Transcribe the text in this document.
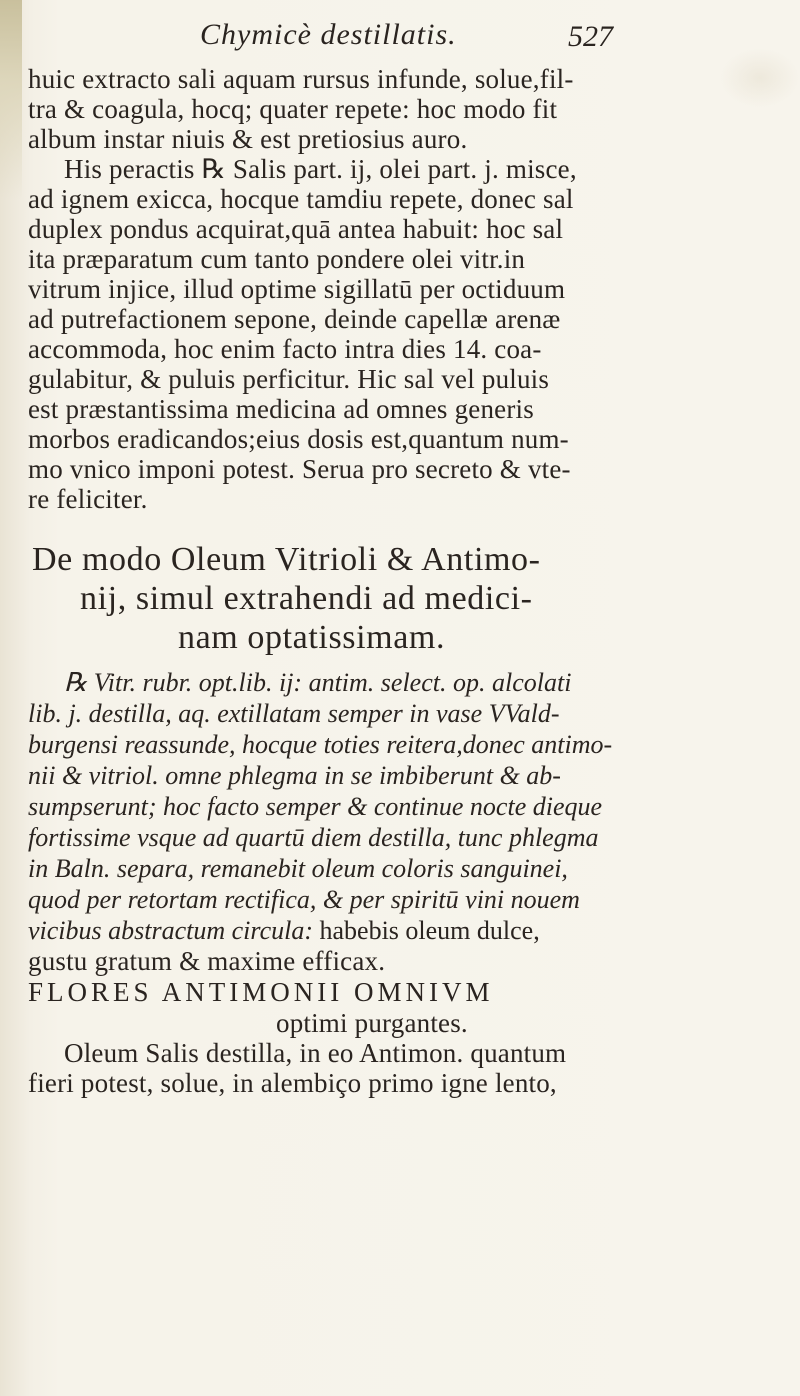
Chymicè destillatis.	527
huic extracto sali aquam rursus infunde, solue,fil-
tra & coagula, hocq; quater repete: hoc modo fit
album instar niuis & est pretiosius auro.
His peractis ℞ Salis part. ij, olei part. j. misce,
ad ignem exicca, hocque tamdiu repete, donec sal
duplex pondus acquirat,quā antea habuit: hoc sal
ita præparatum cum tanto pondere olei vitr.in
vitrum injice, illud optime sigillatū per octiduum
ad putrefactionem sepone, deinde capellæ arenæ
accommoda, hoc enim facto intra dies 14. coa-
gulabitur, & puluis perficitur. Hic sal vel puluis
est præstantissima medicina ad omnes generis
morbos eradicandos;eius dosis est,quantum num-
mo vnico imponi potest. Serua pro secreto & vte-
re feliciter.
De modo Oleum Vitrioli & Antimo-
nij, simul extrahendi ad medici-
nam optatissimam.
℞ Vitr. rubr. opt.lib. ij: antim. select. op. alcolati
lib. j. destilla, aq. extillatam semper in vase VVald-
burgensi reassunde, hocque toties reitera,donec antimo-
nii & vitriol. omne phlegma in se imbiberunt & ab-
sumpserunt; hoc facto semper & continue nocte dieque
fortissime vsque ad quartū diem destilla, tunc phlegma
in Baln. separa, remanebit oleum coloris sanguinei,
quod per retortam rectifica, & per spiritū vini nouem
vicibus abstractum circula: habebis oleum dulce,
gustu gratum & maxime efficax.
FLORES ANTIMONII OMNIVM
optimi purgantes.
Oleum Salis destilla, in eo Antimon. quantum
fieri potest, solue, in alembiço primo igne lento,
